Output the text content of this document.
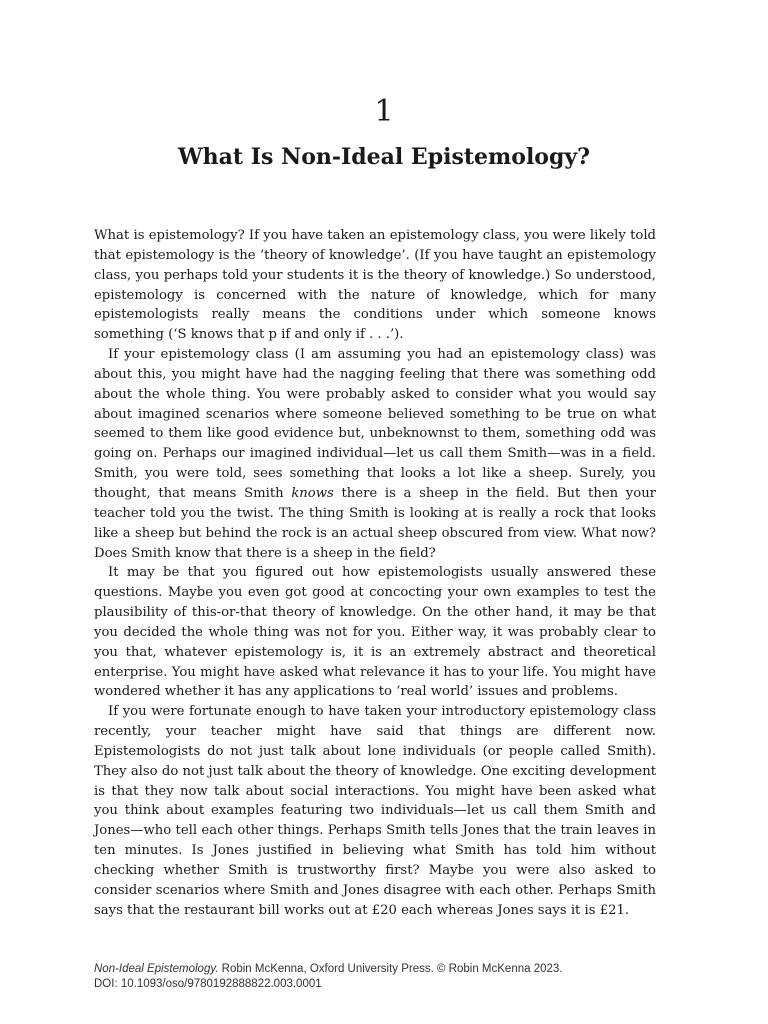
1
What Is Non-Ideal Epistemology?

What is epistemology? If you have taken an epistemology class, you were likely told that epistemology is the ‘theory of knowledge’. (If you have taught an epistemology class, you perhaps told your students it is the theory of knowledge.) So understood, epistemology is concerned with the nature of knowledge, which for many epistemologists really means the conditions under which someone knows something (‘S knows that p if and only if . . .’).

If your epistemology class (I am assuming you had an epistemology class) was about this, you might have had the nagging feeling that there was something odd about the whole thing. You were probably asked to consider what you would say about imagined scenarios where someone believed something to be true on what seemed to them like good evidence but, unbeknownst to them, something odd was going on. Perhaps our imagined individual—let us call them Smith—was in a field. Smith, you were told, sees something that looks a lot like a sheep. Surely, you thought, that means Smith knows there is a sheep in the field. But then your teacher told you the twist. The thing Smith is looking at is really a rock that looks like a sheep but behind the rock is an actual sheep obscured from view. What now? Does Smith know that there is a sheep in the field?

It may be that you figured out how epistemologists usually answered these questions. Maybe you even got good at concocting your own examples to test the plausibility of this-or-that theory of knowledge. On the other hand, it may be that you decided the whole thing was not for you. Either way, it was probably clear to you that, whatever epistemology is, it is an extremely abstract and theoretical enterprise. You might have asked what relevance it has to your life. You might have wondered whether it has any applications to ‘real world’ issues and problems.

If you were fortunate enough to have taken your introductory epistemology class recently, your teacher might have said that things are different now. Epistemologists do not just talk about lone individuals (or people called Smith). They also do not just talk about the theory of knowledge. One exciting development is that they now talk about social interactions. You might have been asked what you think about examples featuring two individuals—let us call them Smith and Jones—who tell each other things. Perhaps Smith tells Jones that the train leaves in ten minutes. Is Jones justified in believing what Smith has told him without checking whether Smith is trustworthy first? Maybe you were also asked to consider scenarios where Smith and Jones disagree with each other. Perhaps Smith says that the restaurant bill works out at £20 each whereas Jones says it is £21.

Non-Ideal Epistemology. Robin McKenna, Oxford University Press. © Robin McKenna 2023.
DOI: 10.1093/oso/9780192888822.003.0001
